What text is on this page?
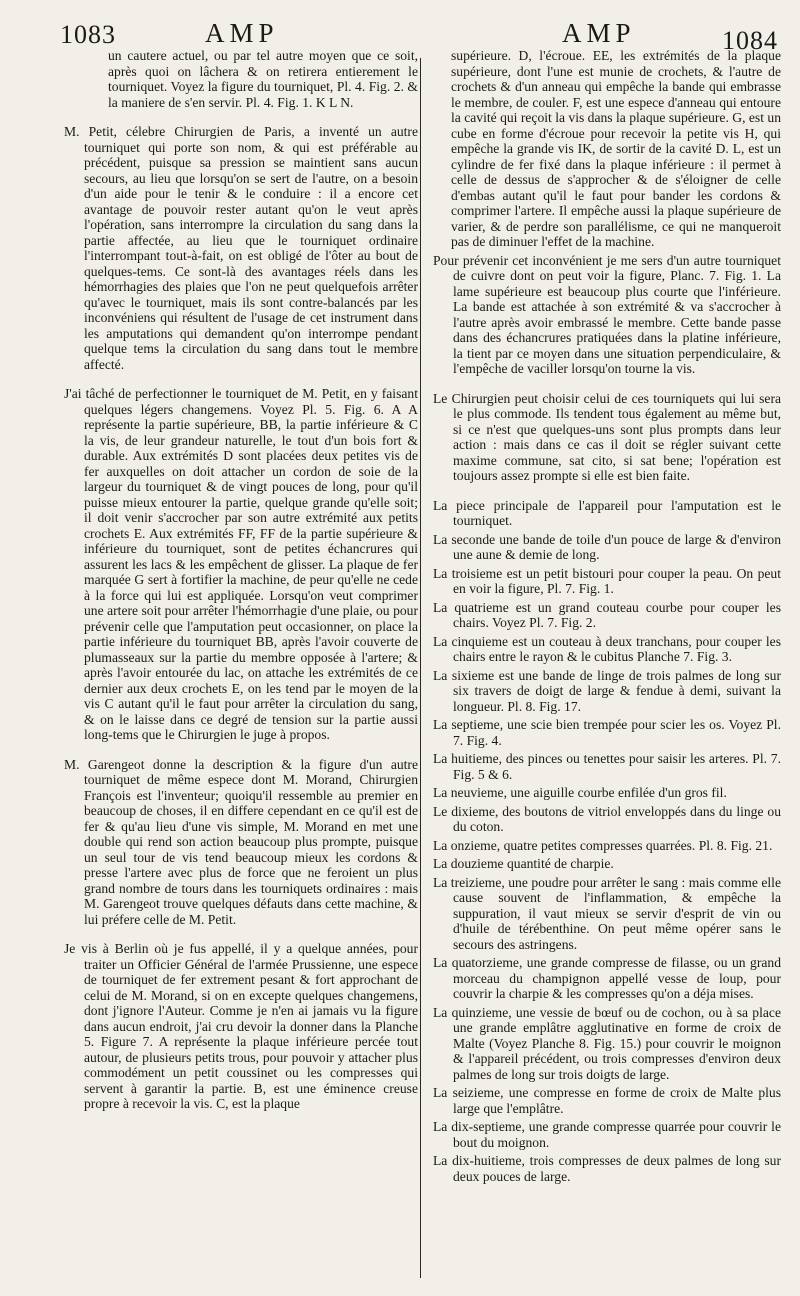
1083	AMP	AMP	1084

un cautere actuel, ou par tel autre moyen que ce soit, après quoi on lâchera & on retirera entierement le tourniquet. Voyez la figure du tourniquet, Pl. 4. Fig. 2. & la maniere de s'en servir. Pl. 4. Fig. 1. K L N.

M. Petit, célebre Chirurgien de Paris, a inventé un autre tourniquet qui porte son nom, & qui est préférable au précédent, puisque sa pression se maintient sans aucun secours, au lieu que lorsqu'on se sert de l'autre, on a besoin d'un aide pour le tenir & le conduire : il a encore cet avantage de pouvoir rester autant qu'on le veut après l'opération, sans interrompre la circulation du sang dans la partie affectée, au lieu que le tourniquet ordinaire l'interrompant tout-à-fait, on est obligé de l'ôter au bout de quelques-tems. Ce sont-là des avantages réels dans les hémorrhagies des plaies que l'on ne peut quelquefois arrêter qu'avec le tourniquet, mais ils sont contre-balancés par les inconvéniens qui résultent de l'usage de cet instrument dans les amputations qui demandent qu'on interrompe pendant quelque tems la circulation du sang dans tout le membre affecté.

J'ai tâché de perfectionner le tourniquet de M. Petit, en y faisant quelques légers changemens. Voyez Pl. 5. Fig. 6. A A représente la partie supérieure, BB, la partie inférieure & C la vis, de leur grandeur naturelle, le tout d'un bois fort & durable. Aux extrémités D sont placées deux petites vis de fer auxquelles on doit attacher un cordon de soie de la largeur du tourniquet & de vingt pouces de long, pour qu'il puisse mieux entourer la partie, quelque grande qu'elle soit; il doit venir s'accrocher par son autre extrémité aux petits crochets E. Aux extrémités FF, FF de la partie supérieure & inférieure du tourniquet, sont de petites échancrures qui assurent les lacs & les empêchent de glisser. La plaque de fer marquée G sert à fortifier la machine, de peur qu'elle ne cede à la force qui lui est appliquée. Lorsqu'on veut comprimer une artere soit pour arrêter l'hémorrhagie d'une plaie, ou pour prévenir celle que l'amputation peut occasionner, on place la partie inférieure du tourniquet BB, après l'avoir couverte de plumasseaux sur la partie du membre opposée à l'artere; & après l'avoir entourée du lac, on attache les extrémités de ce dernier aux deux crochets E, on les tend par le moyen de la vis C autant qu'il le faut pour arrêter la circulation du sang, & on le laisse dans ce degré de tension sur la partie aussi long-tems que le Chirurgien le juge à propos.

M. Garengeot donne la description & la figure d'un autre tourniquet de même espece dont M. Morand, Chirurgien François est l'inventeur; quoiqu'il ressemble au premier en beaucoup de choses, il en differe cependant en ce qu'il est de fer & qu'au lieu d'une vis simple, M. Morand en met une double qui rend son action beaucoup plus prompte, puisque un seul tour de vis tend beaucoup mieux les cordons & presse l'artere avec plus de force que ne feroient un plus grand nombre de tours dans les tourniquets ordinaires : mais M. Garengeot trouve quelques défauts dans cette machine, & lui préfere celle de M. Petit.

Je vis à Berlin où je fus appellé, il y a quelque années, pour traiter un Officier Général de l'armée Prussienne, une espece de tourniquet de fer extrement pesant & fort approchant de celui de M. Morand, si on en excepte quelques changemens, dont j'ignore l'Auteur. Comme je n'en ai jamais vu la figure dans aucun endroit, j'ai cru devoir la donner dans la Planche 5. Figure 7. A représente la plaque inférieure percée tout autour, de plusieurs petits trous, pour pouvoir y attacher plus commodément un petit coussinet ou les compresses qui servent à garantir la partie. B, est une éminence creuse propre à recevoir la vis. C, est la plaque

supérieure. D, l'écroue. EE, les extrémités de la plaque supérieure, dont l'une est munie de crochets, & l'autre de crochets & d'un anneau qui empêche la bande qui embrasse le membre, de couler. F, est une espece d'anneau qui entoure la cavité qui reçoit la vis dans la plaque supérieure. G, est un cube en forme d'écroue pour recevoir la petite vis H, qui empêche la grande vis IK, de sortir de la cavité D. L, est un cylindre de fer fixé dans la plaque inférieure : il permet à celle de dessus de s'approcher & de s'éloigner de celle d'embas autant qu'il le faut pour bander les cordons & comprimer l'artere. Il empêche aussi la plaque supérieure de varier, & de perdre son parallélisme, ce qui ne manqueroit pas de diminuer l'effet de la machine.

Pour prévenir cet inconvénient je me sers d'un autre tourniquet de cuivre dont on peut voir la figure, Planc. 7. Fig. 1. La lame supérieure est beaucoup plus courte que l'inférieure. La bande est attachée à son extrémité & va s'accrocher à l'autre après avoir embrassé le membre. Cette bande passe dans des échancrures pratiquées dans la platine inférieure, la tient par ce moyen dans une situation perpendiculaire, & l'empêche de vaciller lorsqu'on tourne la vis.

Le Chirurgien peut choisir celui de ces tourniquets qui lui sera le plus commode. Ils tendent tous également au même but, si ce n'est que quelques-uns sont plus prompts dans leur action : mais dans ce cas il doit se régler suivant cette maxime commune, sat cito, si sat bene; l'opération est toujours assez prompte si elle est bien faite.

La piece principale de l'appareil pour l'amputation est le tourniquet.

La seconde une bande de toile d'un pouce de large & d'environ une aune & demie de long.

La troisieme est un petit bistouri pour couper la peau. On peut en voir la figure, Pl. 7. Fig. 1.

La quatrieme est un grand couteau courbe pour couper les chairs. Voyez Pl. 7. Fig. 2.

La cinquieme est un couteau à deux tranchans, pour couper les chairs entre le rayon & le cubitus Planche 7. Fig. 3.

La sixieme est une bande de linge de trois palmes de long sur six travers de doigt de large & fendue à demi, suivant la longueur. Pl. 8. Fig. 17.

La septieme, une scie bien trempée pour scier les os. Voyez Pl. 7. Fig. 4.

La huitieme, des pinces ou tenettes pour saisir les arteres. Pl. 7. Fig. 5 & 6.

La neuvieme, une aiguille courbe enfilée d'un gros fil.

Le dixieme, des boutons de vitriol enveloppés dans du linge ou du coton.

La onzieme, quatre petites compresses quarrées. Pl. 8. Fig. 21.

La douzieme quantité de charpie.

La treizieme, une poudre pour arrêter le sang : mais comme elle cause souvent de l'inflammation, & empêche la suppuration, il vaut mieux se servir d'esprit de vin ou d'huile de térébenthine. On peut même opérer sans le secours des astringens.

La quatorzieme, une grande compresse de filasse, ou un grand morceau du champignon appellé vesse de loup, pour couvrir la charpie & les compresses qu'on a déja mises.

La quinzieme, une vessie de bœuf ou de cochon, ou à sa place une grande emplâtre agglutinative en forme de croix de Malte (Voyez Planche 8. Fig. 15.) pour couvrir le moignon & l'appareil précédent, ou trois compresses d'environ deux palmes de long sur trois doigts de large.

La seizieme, une compresse en forme de croix de Malte plus large que l'emplâtre.

La dix-septieme, une grande compresse quarrée pour couvrir le bout du moignon.

La dix-huitieme, trois compresses de deux palmes de long sur deux pouces de large.
